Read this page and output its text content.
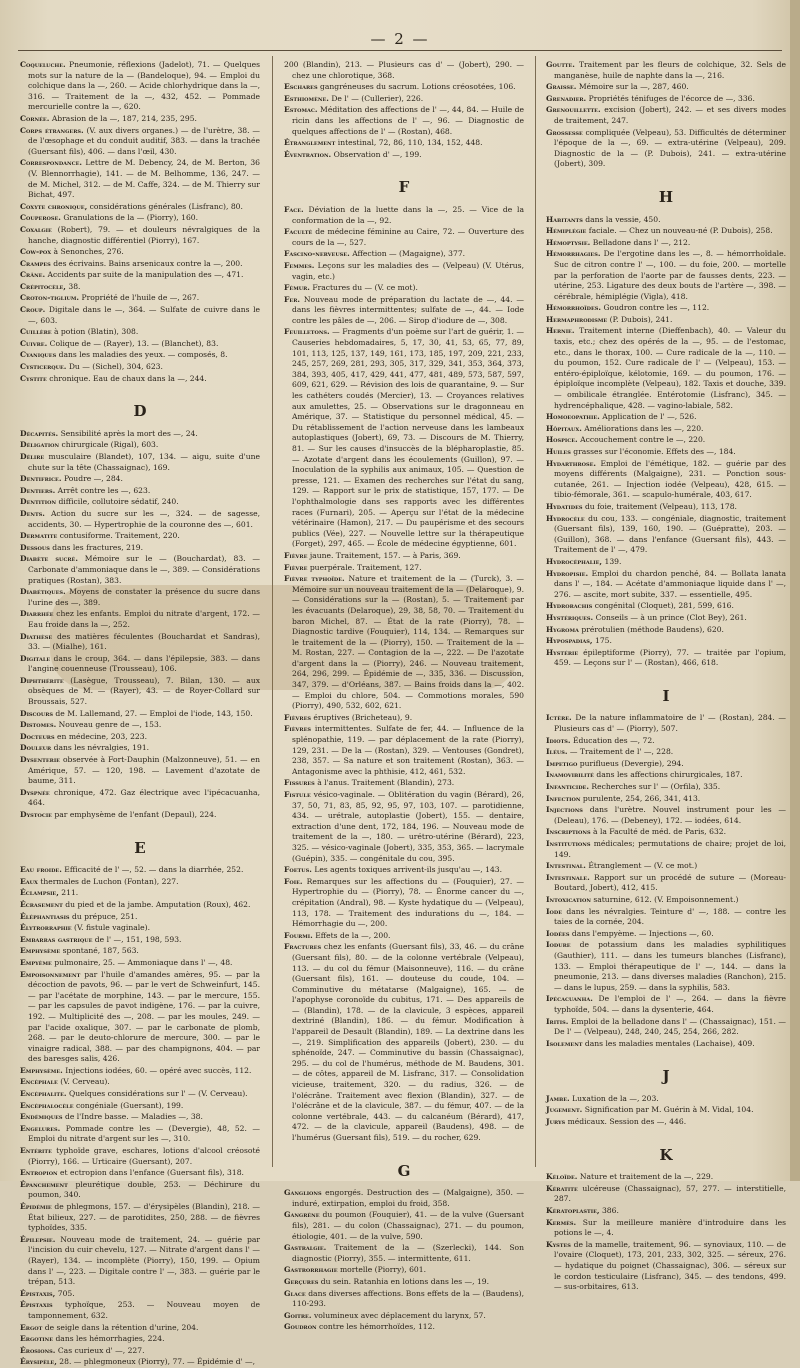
— 2 —
Coqueluche. Pneumonie, réflexions (Jadelot), 71. — Quelques mots sur la nature de la — (Bandeloque), 94. — Emploi du colchique dans la —, 260. — Acide chlorhydrique dans la —, 316. — Traitement de la —, 432, 452. — Pommade mercurielle contre la —, 620.
Cornée. Abrasion de la —, 187, 214, 235, 295.
Corps étrangers. (V. aux divers organes.) — de l'urètre, 38. — de l'œsophage et du conduit auditif, 383. — dans la trachée (Guersant fils), 406. — dans l'œil, 430.
Correspondance. Lettre de M. Debency, 24, de M. Berton, 36 (V. Blennorrhagie), 141. — de M. Belhomme, 136, 247. — de M. Michel, 312. — de M. Caffe, 324. — de M. Thierry sur Bichat, 497.
Coxyte chronique, considérations générales (Lisfranc), 80.
Couperose. Granulations de la — (Piorry), 160.
Coxalgie (Robert), 79. — et douleurs névralgiques de la hanche, diagnostic différentiel (Piorry), 167.
Cow-pox à Senonches, 276.
Crampes des écrivains. Bains arsenicaux contre la —, 200.
Crâne. Accidents par suite de la manipulation des —, 471.
Crépitocèle, 38.
Croton-tiglium. Propriété de l'huile de —, 267.
Croup. Digitale dans le —, 364. — Sulfate de cuivre dans le —, 603.
Cuillère à potion (Blatin), 308.
Cuivre. Colique de — (Rayer), 13. — (Blanchet), 83.
Cyaniques dans les maladies des yeux. — composés, 8.
Cysticerque. Du — (Sichel), 304, 623.
Cystite chronique. Eau de chaux dans la —, 244.
D
Décapités. Sensibilité après la mort des —, 24.
Déligation chirurgicale (Rigal), 603.
Délire musculaire (Blandet), 107, 134. — aigu, suite d'une chute sur la tête (Chassaignac), 169.
Dentifrice. Poudre —, 284.
Dentiers. Arrêt contre les —, 623.
Dentition difficile, collutoire sédatif, 240.
Dents. Action du sucre sur les —, 324. — de sagesse, accidents, 30. — Hypertrophie de la couronne des —, 601.
Dermatite contusiforme. Traitement, 220.
Dessous dans les fractures, 219.
Diabète sucré. Mémoire sur le — (Bouchardat), 83. — Carbonate d'ammoniaque dans le —, 389. — Considérations pratiques (Rostan), 383.
Diabétiques. Moyens de constater la présence du sucre dans l'urine des —, 389.
Diarrhée chez les enfants. Emploi du nitrate d'argent, 172. — Eau froide dans la —, 252.
Diathèse des matières féculentes (Bouchardat et Sandras), 33. — (Mialhe), 161.
Digitale dans le croup, 364. — dans l'épilepsie, 383. — dans l'angine couenneuse (Trousseau), 106.
Diphthérite (Lasègue, Trousseau), 7. Bilan, 130. — aux obsèques de M. — (Rayer), 43. — de Royer-Collard sur Broussais, 527.
Discours de M. Lallemand, 27. — Emploi de l'iode, 143, 150.
Distomes. Nouveau genre de —, 153.
Docteurs en médecine, 203, 223.
Douleur dans les névralgies, 191.
Dysenterie observée à Fort-Dauphin (Malzonneuve), 51. — en Amérique, 57. — 120, 198. — Lavement d'azotate de baume, 311.
Dyspnée chronique, 472. Gaz électrique avec l'ipécacuanha, 464.
Dystocie par emphysème de l'enfant (Depaul), 224.
E
Eau froide. Efficacité de l' —, 52. — dans la diarrhée, 252.
Eaux thermales de Luchon (Fontan), 227.
Éclampsie, 211.
Écrasement du pied et de la jambe. Amputation (Roux), 462.
Éléphantiasis du prépuce, 251.
Élytrorraphie (V. fistule vaginale).
Embarras gastrique de l' —, 151, 198, 593.
Emphysème spontané, 187, 563.
Empyème pulmonaire, 25. — Ammoniaque dans l' —, 48.
Empoisonnement par l'huile d'amandes amères, 95. — par la décoction de pavots, 96. — par le vert de Schweinfurt, 145. — par l'acétate de morphine, 143. — par le mercure, 155. — par les capsules de pavot indigène, 176. — par la cuivre, 192. — Multiplicité des —, 208. — par les moules, 249. — par l'acide oxalique, 307. — par le carbonate de plomb, 268. — par le deuto-chlorure de mercure, 300. — par le vinaigre radical, 388. — par des champignons, 404. — par des baresges salis, 426.
Emphysème. Injections iodées, 60. — opéré avec succès, 112.
Encéphale (V. Cerveau).
Encéphalite. Quelques considérations sur l' — (V. Cerveau).
Encéphalocèle congéniale (Guersant), 199.
Endémiques de l'Indre basse. — Maladies —, 38.
Engelures. Pommade contre les — (Devergie), 48, 52. — Emploi du nitrate d'argent sur les —, 310.
Entérite typhoïde grave, eschares, lotions d'alcool créosoté (Piorry), 166. — Urticaire (Guersant), 207.
Entropion et ectropion dans l'enfance (Guersant fils), 318.
Épanchement pleurétique double, 253. — Déchirure du poumon, 340.
Épidémie de phlegmons, 157. — d'érysipèles (Blandin), 218. — État bilieux, 227. — de parotidites, 250, 288. — de fièvres typhoïdes, 335.
Épilepsie. Nouveau mode de traitement, 24. — guérie par l'incision du cuir chevelu, 127. — Nitrate d'argent dans l' — (Rayer), 134. — incomplète (Piorry), 150, 199. — Opium dans l' —, 223. — Digitale contre l' —, 383. — guérie par le trépan, 513.
Épistaxis, 705.
Épistaxis typhoïque, 253. — Nouveau moyen de tamponnement, 632.
Ergot de seigle dans la rétention d'urine, 204.
Ergotine dans les hémorrhagies, 224.
Érosions. Cas curieux d' —, 227.
Érysipèle, 28. — phlegmoneux (Piorry), 77. — Épidémie d' —,
200 (Blandin), 213. — Plusieurs cas d' — (Jobert), 290. — chez une chlorotique, 368.
Eschares gangréneuses du sacrum. Lotions créosotées, 106.
Esthiomène. De l' — (Cullerier), 226.
Estomac. Méditation des affections de l' —, 44, 84. — Huile de ricin dans les affections de l' —, 96. — Diagnostic de quelques affections de l' — (Rostan), 468.
Étranglement intestinal, 72, 86, 110, 134, 152, 448.
Éventration. Observation d' —, 199.
F
Face. Déviation de la luette dans la —, 25. — Vice de la conformation de la —, 92.
Faculté de médecine féminine au Caire, 72. — Ouverture des cours de la —, 527.
Fascino-nerveuse. Affection — (Magaigne), 377.
Femmes. Leçons sur les maladies des — (Velpeau) (V. Utérus, vagin, etc.)
Fémur. Fractures du — (V. ce mot).
Fer. Nouveau mode de préparation du lactate de —, 44. — dans les fièvres intermittentes; sulfate de —, 44. — Iode contre les pâles de —, 206. — Sirop d'iodure de —, 308.
Feuilletons. — Fragments d'un poème sur l'art de guérir, 1. — Causeries hebdomadaires, 5, 17, 30, 41, 53, 65, 77, 89, 101, 113, 125, 137, 149, 161, 173, 185, 197, 209, 221, 233, 245, 257, 269, 281, 293, 305, 317, 329, 341, 353, 364, 373, 384, 393, 405, 417, 429, 441, 477, 481, 489, 573, 587, 597, 609, 621, 629. — Révision des lois de quarantaine, 9. — Sur les cathéters coudés (Mercier), 13. — Croyances relatives aux amulettes, 25. — Observations sur le dragonneau en Amérique, 37. — Statistique du personnel médical, 45. — Du rétablissement de l'action nerveuse dans les lambeaux autoplastiques (Jobert), 69, 73. — Discours de M. Thierry, 81. — Sur les causes d'insuccès de la blépharoplastie, 85. — Azotate d'argent dans les écoulements (Guillon), 97. — Inoculation de la syphilis aux animaux, 105. — Question de presse, 121. — Examen des recherches sur l'état du sang, 129. — Rapport sur le prix de statistique, 157, 177. — De l'ophthalmologie dans ses rapports avec les différentes races (Furnari), 205. — Aperçu sur l'état de la médecine vétérinaire (Hamon), 217. — Du paupérisme et des secours publics (Vée), 227. — Nouvelle lettre sur la thérapeutique (Forget), 297, 465. — École de médecine égyptienne, 601.
Fièvre jaune. Traitement, 157. — à Paris, 369.
Fièvre puerpérale. Traitement, 127.
Fièvre typhoïde. Nature et traitement de la — (Turck), 3. — Mémoire sur un nouveau traitement de la — (Delaroque), 9. — Considérations sur la — (Rostan), 5. — Traitement par les évacuants (Delaroque), 29, 38, 58, 70. — Traitement du baron Michel, 87. — État de la rate (Piorry), 78. — Diagnostic tardive (Fouquier), 114, 134. — Remarques sur le traitement de la — (Piorry), 150. — Traitement de la — M. Rostan, 227. — Contagion de la —, 222. — De l'azotate d'argent dans la — (Piorry), 246. — Nouveau traitement, 264, 296, 299. — Épidémie de —, 335, 336. — Discussion, 347, 379. — d'Orléans, 387. — Bains froids dans la —, 402. — Emploi du chlore, 504. — Commotions morales, 590 (Piorry), 490, 532, 602, 621.
Fièvres éruptives (Bricheteau), 9.
Fièvres intermittentes. Sulfate de fer, 44. — Influence de la splénopathie, 119. — par déplacement de la rate (Piorry), 129, 231. — De la — (Rostan), 329. — Ventouses (Gondret), 238, 357. — Sa nature et son traitement (Rostan), 363. — Antagonisme avec la phthisie, 412, 461, 532.
Fissures à l'anus. Traitement (Blandin), 273.
Fistule vésico-vaginale. — Oblitération du vagin (Bérard), 26, 37, 50, 71, 83, 85, 92, 95, 97, 103, 107. — parotidienne, 434. — urétrale, autoplastie (Jobert), 155. — dentaire, extraction d'une dent, 172, 184, 196. — Nouveau mode de traitement de la —, 180. — urétro-utérine (Bérard), 223, 325. — vésico-vaginale (Jobert), 335, 353, 365. — lacrymale (Guépin), 335. — congénitale du cou, 395.
Foetus. Les agents toxiques arrivent-ils jusqu'au —, 143.
Foie. Remarques sur les affections du — (Fouquier), 27. — Hypertrophie du — (Piorry), 78. — Énorme cancer du —, crépitation (Andral), 98. — Kyste hydatique du — (Velpeau), 113, 178. — Traitement des indurations du —, 184. — Hémorrhagie du —, 200.
Fourmi. Effets de la —, 200.
Fractures chez les enfants (Guersant fils), 33, 46. — du crâne (Guersant fils), 80. — de la colonne vertébrale (Velpeau), 113. — du col du fémur (Maisonneuve), 116. — du crâne (Guersant fils), 161. — douteuse du coude, 104. — Comminutive du métatarse (Malgaigne), 165. — de l'apophyse coronoïde du cubitus, 171. — Des appareils de — (Blandin), 178. — de la clavicule, 3 espèces, appareil dextriné (Blandin), 186. — du fémur. Modification à l'appareil de Desault (Blandin), 189. — La dextrine dans les —, 219. Simplification des appareils (Jobert), 230. — du sphénoïde, 247. — Comminutive du bassin (Chassaignac), 295. — du col de l'humérus, méthode de M. Baudens, 301. — de côtes, appareil de M. Lisfranc, 317. — Consolidation vicieuse, traitement, 320. — du radius, 326. — de l'olécrâne. Traitement avec flexion (Blandin), 327. — de l'olécrâne et de la clavicule, 387. — du fémur, 407. — de la colonne vertébrale, 443. — du calcanéum (Bérard), 417, 472. — de la clavicule, appareil (Baudens), 498. — de l'humérus (Guersant fils), 519. — du rocher, 629.
G
Ganglions engorgés. Destruction des — (Malgaigne), 350. — induré, extirpation, emploi du froid, 358.
Gangrène du poumon (Fouquier), 41. — de la vulve (Guersant fils), 281. — du colon (Chassaignac), 271. — du poumon, étiologie, 401. — de la vulve, 590.
Gastralgie. Traitement de la — (Szerlecki), 144. Son diagnostic (Piorry), 355. — intermittente, 611.
Gastrorrhagie mortelle (Piorry), 601.
Gerçures du sein. Ratanhia en lotions dans les —, 19.
Glace dans diverses affections. Bons effets de la — (Baudens), 110-293.
Goitre. volumineux avec déplacement du larynx, 57.
Goudron contre les hémorrhoïdes, 112.
Goutte. Traitement par les fleurs de colchique, 32. Sels de manganèse, huile de naphte dans la —, 216.
Graisse. Mémoire sur la —, 287, 460.
Grenadier. Propriétés ténifuges de l'écorce de —, 336.
Grenouillette. excision (Jobert), 242. — et ses divers modes de traitement, 247.
Grossesse compliquée (Velpeau), 53. Difficultés de déterminer l'époque de la —, 69. — extra-utérine (Velpeau), 209. Diagnostic de la — (P. Dubois), 241. — extra-utérine (Jobert), 309.
H
Habitants dans la vessie, 450.
Hémiplégie faciale. — Chez un nouveau-né (P. Dubois), 258.
Hémoptysie. Belladone dans l' —, 212.
Hémorrhagies. De l'ergotine dans les —, 8. — hémorrhoïdale. Suc de citron contre l' —, 100. — du foie, 200. — mortelle par la perforation de l'aorte par de fausses dents, 223. — utérine, 253. Ligature des deux bouts de l'artère —, 398. — cérébrale, hémiplégie (Vigla), 418.
Hémorrhoïdes. Goudron contre les —, 112.
Hermaphrodisme (P. Dubois), 241.
Hernie. Traitement interne (Dieffenbach), 40. — Valeur du taxis, etc.; chez des opérés de la —, 95. — de l'estomac, etc., dans le thorax, 100. — Cure radicale de la —, 110. — du poumon, 152. Cure radicale de l' — (Velpeau), 153. — entéro-épiploïque, kélotomie, 169. — du poumon, 176. — épiploïque incomplète (Velpeau), 182. Taxis et douche, 339. — ombilicale étranglée. Entérotomie (Lisfranc), 345. — hydrencéphalique, 428. — vagino-labiale, 582.
Homoeopathie. Application de l' —, 526.
Hôpitaux. Améliorations dans les —, 220.
Hospice. Accouchement contre le —, 220.
Huiles grasses sur l'économie. Effets des —, 184.
Hydarthrose. Emploi de l'émétique, 182. — guérie par des moyens différents (Malgaigne), 231. — Ponction sous-cutanée, 261. — Injection iodée (Velpeau), 428, 615. — tibio-fémorale, 361. — scapulo-humérale, 403, 617.
Hydatides du foie, traitement (Velpeau), 113, 178.
Hydrocèle du cou, 133. — congéniale, diagnostic, traitement (Guersant fils), 139, 160, 190. — (Guépratte), 203. — (Guillon), 368. — dans l'enfance (Guersant fils), 443. — Traitement de l' —, 479.
Hydrocéphalie, 139.
Hydropisie. Emploi du chardon penché, 84. — Bollata lanata dans l' —, 184. — Acétate d'ammoniaque liquide dans l' —, 276. — ascite, mort subite, 337. — essentielle, 495.
Hydrorachis congénital (Cloquet), 281, 599, 616.
Hystériques. Conseils — à un prince (Clot Bey), 261.
Hygroma prérotulien (méthode Baudens), 620.
Hypospadias, 175.
Hystérie épileptiforme (Piorry), 77. — traitée par l'opium, 459. — Leçons sur l' — (Rostan), 466, 618.
I
Ictère. De la nature inflammatoire de l' — (Rostan), 284. — Plusieurs cas d' — (Piorry), 507.
Idiots. Éducation des —, 72.
Iléus. — Traitement de l' —, 228.
Impetigo puriflueus (Devergie), 294.
Inamovibilité dans les affections chirurgicales, 187.
Infanticide. Recherches sur l' — (Orfila), 335.
Infection purulente, 254, 266, 341, 413.
Injections dans l'urètre. Nouvel instrument pour les — (Deleau), 176. — (Debeney), 172. — iodées, 614.
Inscriptions à la Faculté de méd. de Paris, 632.
Institutions médicales; permutations de chaire; projet de loi, 149.
Intestinal. Étranglement — (V. ce mot.)
Intestinale. Rapport sur un procédé de suture — (Moreau-Boutard, Jobert), 412, 415.
Intoxication saturnine, 612. (V. Empoisonnement.)
Iode dans les névralgies. Teinture d' —, 188. — contre les taies de la cornée, 204.
Iodées dans l'empyème. — Injections —, 60.
Iodure de potassium dans les maladies syphilitiques (Gauthier), 111. — dans les tumeurs blanches (Lisfranc), 133. — Emploi thérapeutique de l' —, 144. — dans la pneumonie, 213. — dans diverses maladies (Ranchon), 215. — dans le lupus, 259. — dans la syphilis, 583.
Ipécacuanha. De l'emploi de l' —, 264. — dans la fièvre typhoïde, 504. — dans la dysenterie, 464.
Iritis. Emploi de la belladone dans l' — (Chassaignac), 151. — De l' — (Velpeau), 248, 240, 245, 254, 266, 282.
Isolement dans les maladies mentales (Lachaise), 409.
J
Jambe. Luxation de la —, 203.
Jugement. Signification par M. Guérin à M. Vidal, 104.
Jurys médicaux. Session des —, 446.
K
Kéloïde. Nature et traitement de la —, 229.
Kératite ulcéreuse (Chassaignac), 57, 277. — interstitielle, 287.
Kératoplastie, 386.
Kermès. Sur la meilleure manière d'introduire dans les potions le —, 4.
Kystes de la mamelle, traitement, 96. — synoviaux, 110. — de l'ovaire (Cloquet), 173, 201, 233, 302, 325. — séreux, 276. — hydatique du poignet (Chassaignac), 306. — séreux sur le cordon testiculaire (Lisfranc), 345. — des tendons, 499. — sus-orbitaires, 613.
